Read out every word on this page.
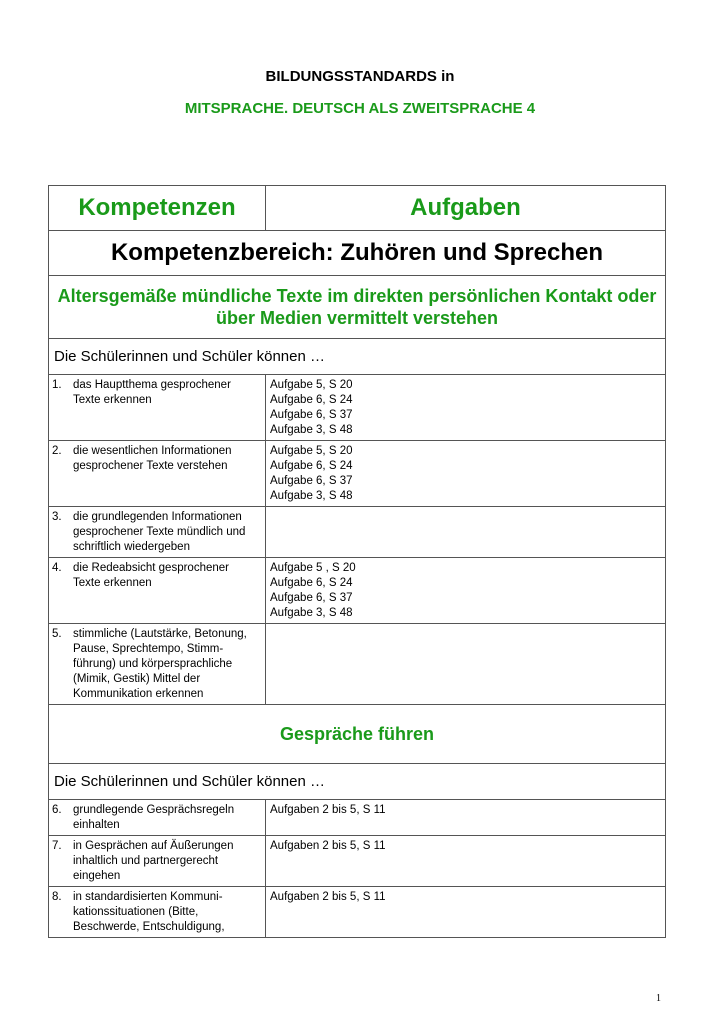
BILDUNGSSTANDARDS in
MITSPRACHE. DEUTSCH ALS ZWEITSPRACHE 4
Kompetenzen	Aufgaben
Kompetenzbereich: Zuhören und Sprechen	
Altersgemäße mündliche Texte im direkten persönlichen Kontakt oder über Medien vermittelt verstehen	
Die Schülerinnen und Schüler können …	
1. das Hauptthema gesprochener Texte erkennen	Aufgabe 5, S 20
Aufgabe 6, S 24
Aufgabe 6, S 37
Aufgabe 3, S 48

2. die wesentlichen Informationen gesprochener Texte verstehen	Aufgabe 5, S 20
Aufgabe 6, S 24
Aufgabe 6, S 37
Aufgabe 3, S 48

3. die grundlegenden Informationen gesprochener Texte mündlich und schriftlich wiedergeben	
4. die Redeabsicht gesprochener Texte erkennen	Aufgabe 5 , S 20
Aufgabe 6, S 24
Aufgabe 6, S 37
Aufgabe 3, S 48

5. stimmliche (Lautstärke, Betonung, Pause, Sprechtempo, Stimm-führung) und körpersprachliche (Mimik, Gestik) Mittel der Kommunikation erkennen	
Gespräche führen	
Die Schülerinnen und Schüler können …	
6. grundlegende Gesprächsregeln einhalten	Aufgaben 2 bis 5, S 11

7. in Gesprächen auf Äußerungen inhaltlich und partnergerecht eingehen	Aufgaben 2 bis 5, S 11

8. in standardisierten Kommuni-kationssituationen (Bitte, Beschwerde, Entschuldigung,	Aufgaben 2 bis 5, S 11
1
